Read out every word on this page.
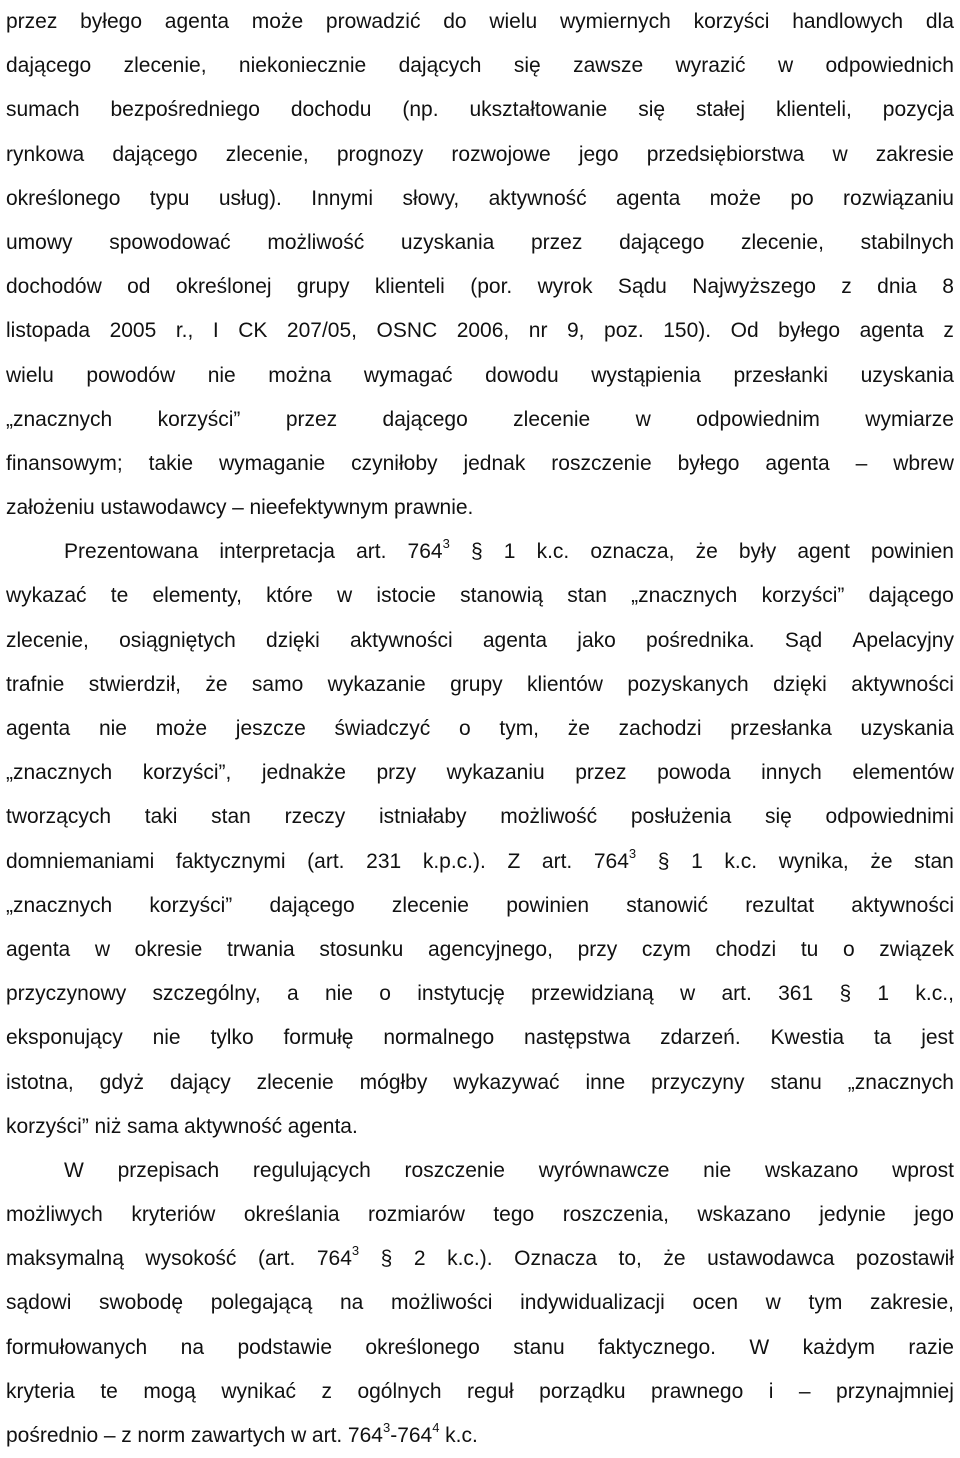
przez byłego agenta może prowadzić do wielu wymiernych korzyści handlowych dla
dającego zlecenie, niekoniecznie dających się zawsze wyrazić w odpowiednich
sumach bezpośredniego dochodu (np. ukształtowanie się stałej klienteli, pozycja
rynkowa dającego zlecenie, prognozy rozwojowe jego przedsiębiorstwa w zakresie
określonego typu usług). Innymi słowy, aktywność agenta może po rozwiązaniu
umowy spowodować możliwość uzyskania przez dającego zlecenie, stabilnych
dochodów od określonej grupy klienteli (por. wyrok Sądu Najwyższego z dnia 8
listopada 2005 r., I CK 207/05, OSNC 2006, nr 9, poz. 150). Od byłego agenta z
wielu powodów nie można wymagać dowodu wystąpienia przesłanki uzyskania
„znacznych korzyści” przez dającego zlecenie w odpowiednim wymiarze
finansowym; takie wymaganie czyniłoby jednak roszczenie byłego agenta – wbrew
założeniu ustawodawcy – nieefektywnym prawnie.
Prezentowana interpretacja art. $764^3$ § 1 k.c. oznacza, że były agent powinien
wykazać te elementy, które w istocie stanowią stan „znacznych korzyści” dającego
zlecenie, osiągniętych dzięki aktywności agenta jako pośrednika. Sąd Apelacyjny
trafnie stwierdził, że samo wykazanie grupy klientów pozyskanych dzięki aktywności
agenta nie może jeszcze świadczyć o tym, że zachodzi przesłanka uzyskania
„znacznych korzyści”, jednakże przy wykazaniu przez powoda innych elementów
tworzących taki stan rzeczy istniałaby możliwość posłużenia się odpowiednimi
domniemaniami faktycznymi (art. 231 k.p.c.). Z art. $764^3$ § 1 k.c. wynika, że stan
„znacznych korzyści” dającego zlecenie powinien stanowić rezultat aktywności
agenta w okresie trwania stosunku agencyjnego, przy czym chodzi tu o związek
przyczynowy szczególny, a nie o instytucję przewidzianą w art. 361 § 1 k.c.,
eksponujący nie tylko formułę normalnego następstwa zdarzeń. Kwestia ta jest
istotna, gdyż dający zlecenie mógłby wykazywać inne przyczyny stanu „znacznych
korzyści” niż sama aktywność agenta.
W przepisach regulujących roszczenie wyrównawcze nie wskazano wprost
możliwych kryteriów określania rozmiarów tego roszczenia, wskazano jedynie jego
maksymalną wysokość (art. $764^3$ § 2 k.c.). Oznacza to, że ustawodawca pozostawił
sądowi swobodę polegającą na możliwości indywidualizacji ocen w tym zakresie,
formułowanych na podstawie określonego stanu faktycznego. W każdym razie
kryteria te mogą wynikać z ogólnych reguł porządku prawnego i – przynajmniej
pośrednio – z norm zawartych w art. $764^3-764^4$ k.c.
